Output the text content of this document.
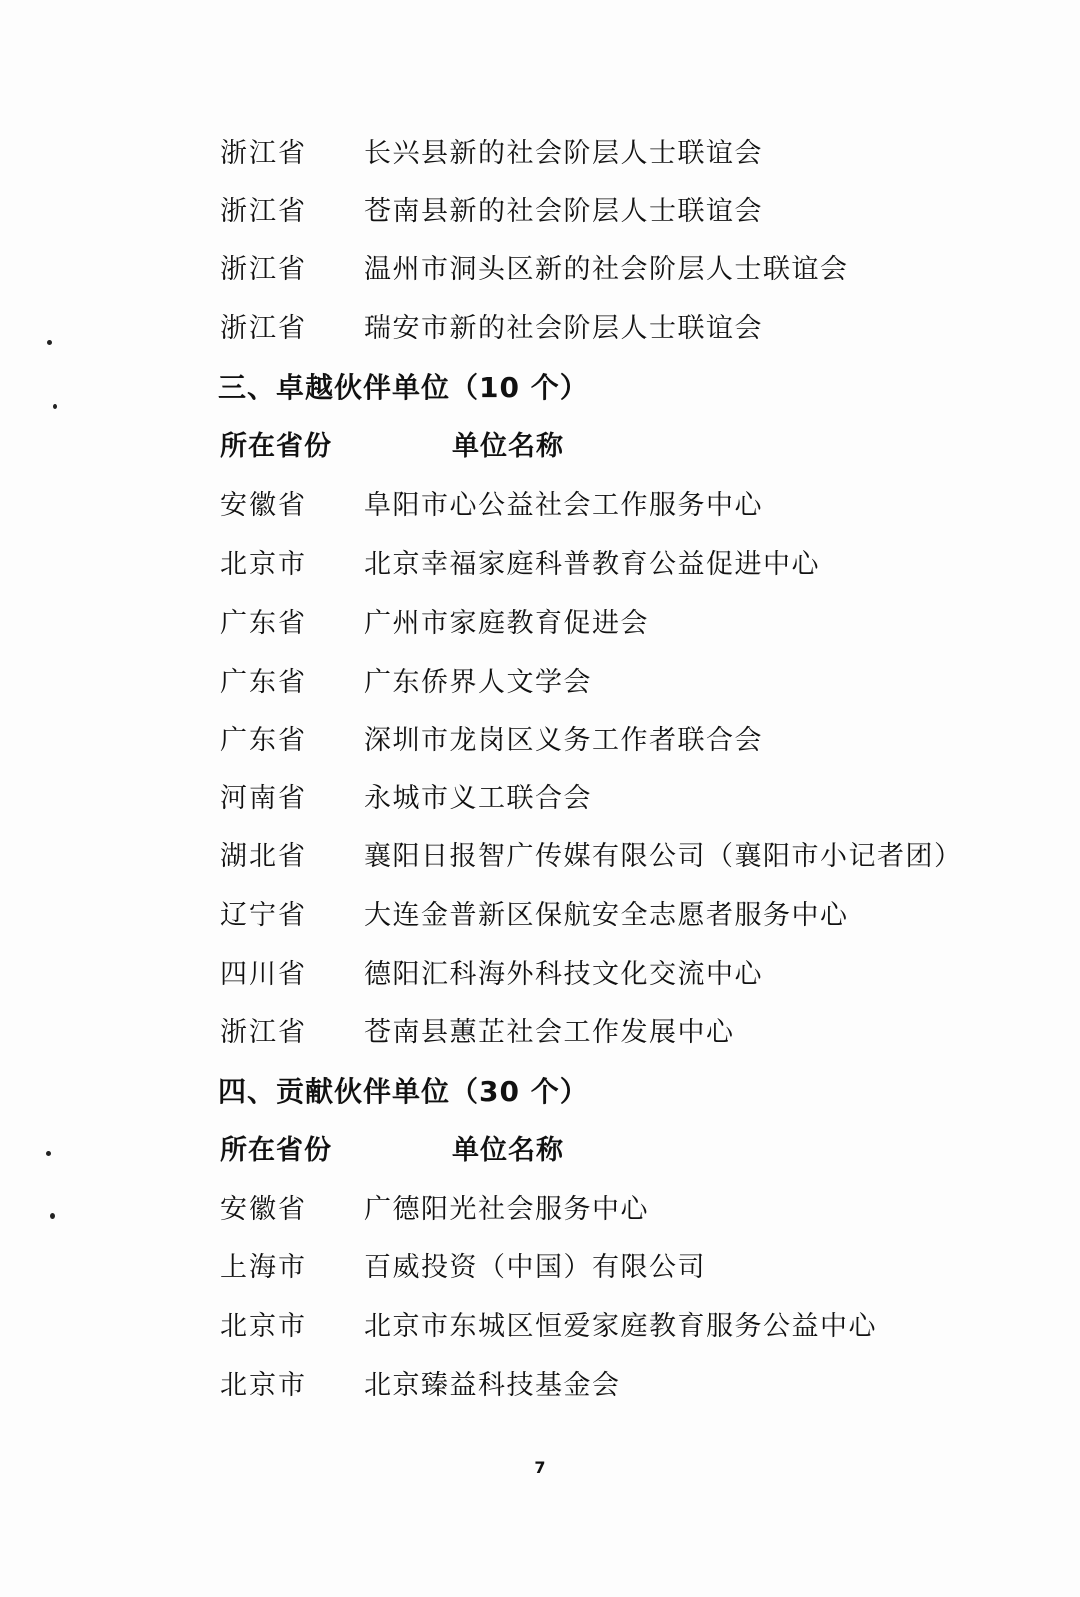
浙江省 长兴县新的社会阶层人士联谊会
浙江省 苍南县新的社会阶层人士联谊会
浙江省 温州市洞头区新的社会阶层人士联谊会
浙江省 瑞安市新的社会阶层人士联谊会
三、卓越伙伴单位（10 个）
所在省份	单位名称
安徽省 阜阳市心公益社会工作服务中心
北京市 北京幸福家庭科普教育公益促进中心
广东省 广州市家庭教育促进会
广东省 广东侨界人文学会
广东省 深圳市龙岗区义务工作者联合会
河南省 永城市义工联合会
湖北省 襄阳日报智广传媒有限公司（襄阳市小记者团）
辽宁省 大连金普新区保航安全志愿者服务中心
四川省 德阳汇科海外科技文化交流中心
浙江省 苍南县蕙芷社会工作发展中心
四、贡献伙伴单位（30 个）
所在省份	单位名称
安徽省 广德阳光社会服务中心
上海市 百威投资（中国）有限公司
北京市 北京市东城区恒爱家庭教育服务公益中心
北京市 北京臻益科技基金会
7
